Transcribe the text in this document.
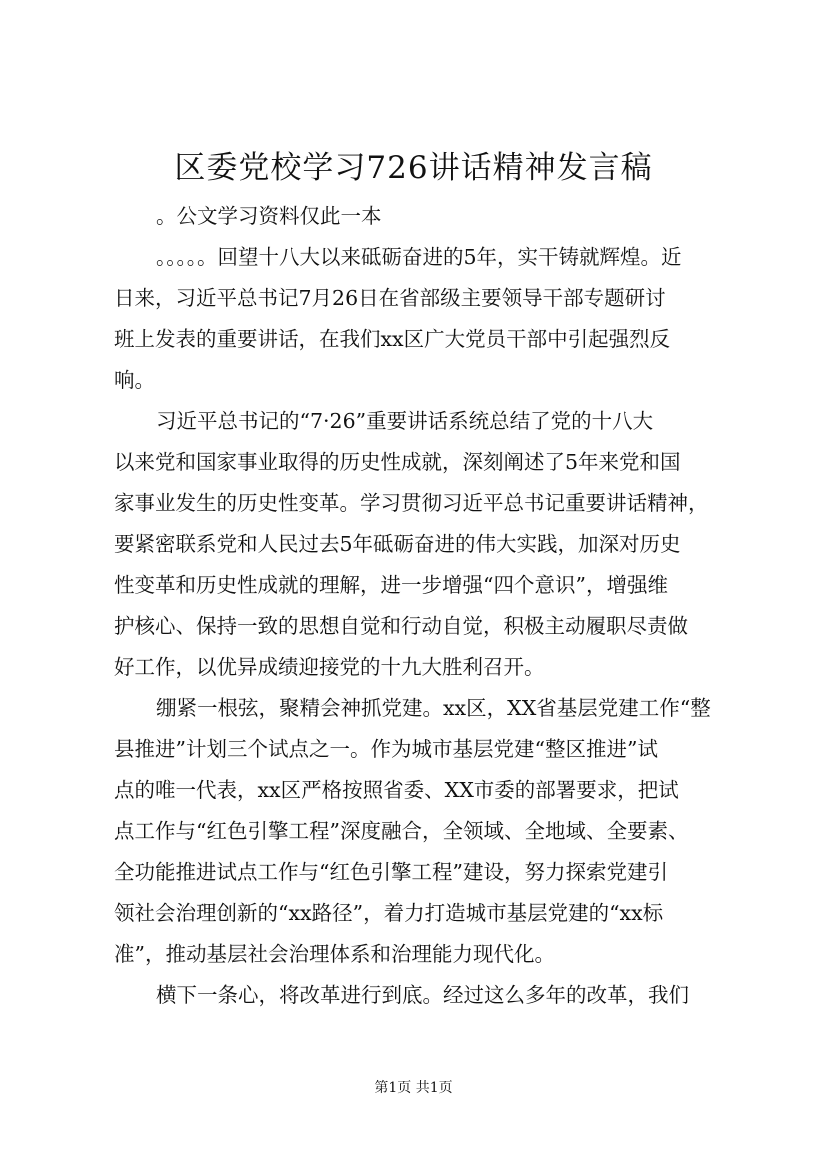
区委党校学习726讲话精神发言稿
。公文学习资料仅此一本
。。。。。回望十八大以来砥砺奋进的5年，实干铸就辉煌。近
日来，习近平总书记7月26日在省部级主要领导干部专题研讨
班上发表的重要讲话，在我们xx区广大党员干部中引起强烈反
响。
习近平总书记的“7·26”重要讲话系统总结了党的十八大
以来党和国家事业取得的历史性成就，深刻阐述了5年来党和国
家事业发生的历史性变革。学习贯彻习近平总书记重要讲话精神，
要紧密联系党和人民过去5年砥砺奋进的伟大实践，加深对历史
性变革和历史性成就的理解，进一步增强“四个意识”，增强维
护核心、保持一致的思想自觉和行动自觉，积极主动履职尽责做
好工作，以优异成绩迎接党的十九大胜利召开。
绷紧一根弦，聚精会神抓党建。xx区，XX省基层党建工作“整
县推进”计划三个试点之一。作为城市基层党建“整区推进”试
点的唯一代表，xx区严格按照省委、XX市委的部署要求，把试
点工作与“红色引擎工程”深度融合，全领域、全地域、全要素、
全功能推进试点工作与“红色引擎工程”建设，努力探索党建引
领社会治理创新的“xx路径”，着力打造城市基层党建的“xx标
准”，推动基层社会治理体系和治理能力现代化。
横下一条心，将改革进行到底。经过这么多年的改革，我们
第1页 共1页
